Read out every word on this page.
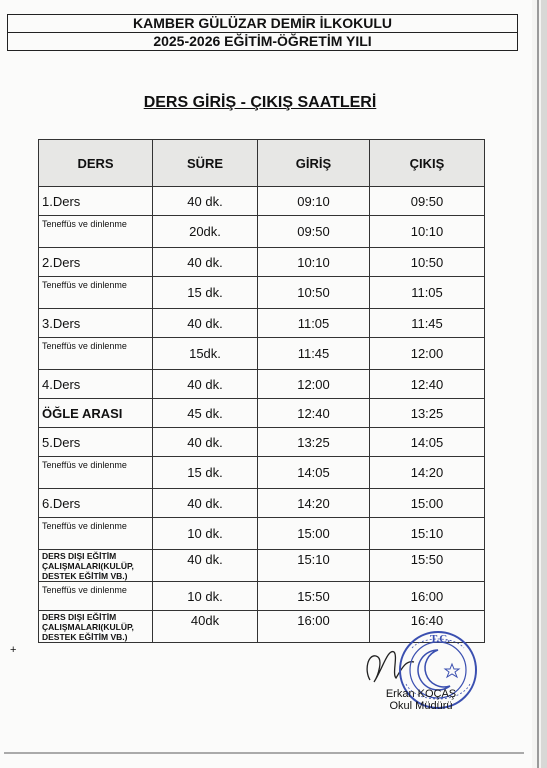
KAMBER GÜLÜZAR DEMİR İLKOKULU
2025-2026 EĞİTİM-ÖĞRETİM YILI
DERS GİRİŞ - ÇIKIŞ SAATLERİ
DERS	SÜRE	GİRİŞ	ÇIKIŞ
1.Ders	40 dk.	09:10	09:50
Teneffüs ve dinlenme	20dk.	09:50	10:10
2.Ders	40 dk.	10:10	10:50
Teneffüs ve dinlenme	15 dk.	10:50	11:05
3.Ders	40 dk.	11:05	11:45
Teneffüs ve dinlenme	15dk.	11:45	12:00
4.Ders	40 dk.	12:00	12:40
ÖĞLE ARASI	45 dk.	12:40	13:25
5.Ders	40 dk.	13:25	14:05
Teneffüs ve dinlenme	15 dk.	14:05	14:20
6.Ders	40 dk.	14:20	15:00
Teneffüs ve dinlenme	10 dk.	15:00	15:10
DERS DIŞI EĞİTİM ÇALIŞMALARI(KULÜP, DESTEK EĞİTİM VB.)	40 dk.	15:10	15:50
Teneffüs ve dinlenme	10 dk.	15:50	16:00
DERS DIŞI EĞİTİM ÇALIŞMALARI(KULÜP, DESTEK EĞİTİM VB.)	40dk	16:00	16:40
+
T.C.
Erkan KOÇAŞ
Okul Müdürü
